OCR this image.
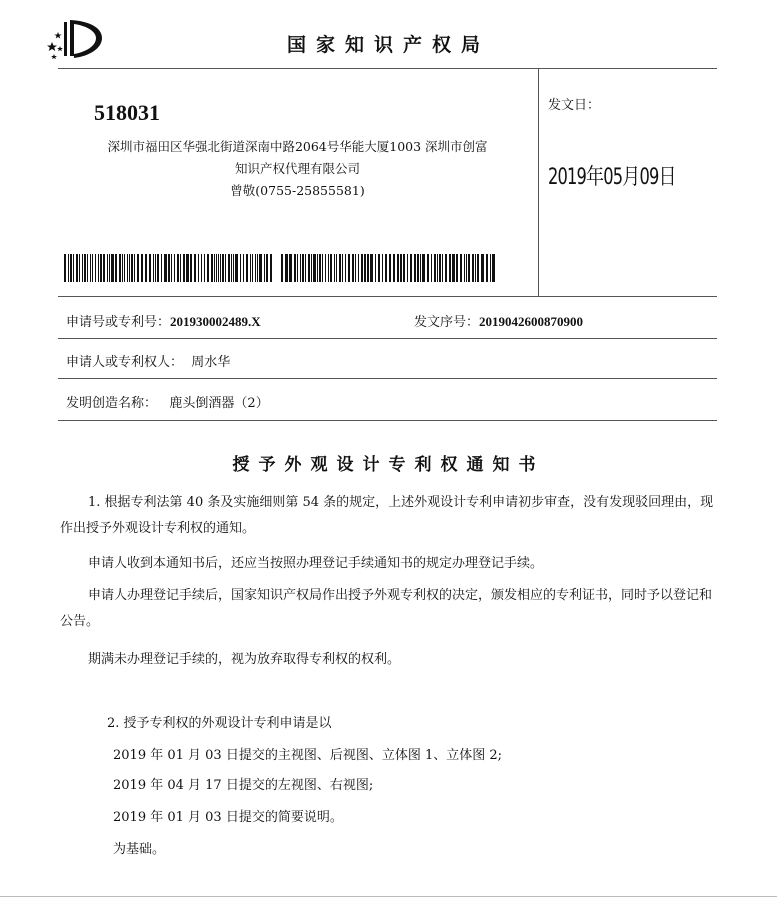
国家知识产权局
518031
深圳市福田区华强北街道深南中路2064号华能大厦1003 深圳市创富
知识产权代理有限公司
曾敬(0755-25855581)
发文日：
2019年05月09日
申请号或专利号：201930002489.X	发文序号：2019042600870900
申请人或专利权人： 周水华
发明创造名称： 鹿头倒酒器（2）
授予外观设计专利权通知书
1. 根据专利法第 40 条及实施细则第 54 条的规定，上述外观设计专利申请初步审查，没有发现驳回理由，现作出授予外观设计专利权的通知。
申请人收到本通知书后，还应当按照办理登记手续通知书的规定办理登记手续。
申请人办理登记手续后，国家知识产权局作出授予外观专利权的决定，颁发相应的专利证书，同时予以登记和公告。
期满未办理登记手续的，视为放弃取得专利权的权利。
2. 授予专利权的外观设计专利申请是以
2019 年 01 月 03 日提交的主视图、后视图、立体图 1、立体图 2;
2019 年 04 月 17 日提交的左视图、右视图;
2019 年 01 月 03 日提交的简要说明。
为基础。
